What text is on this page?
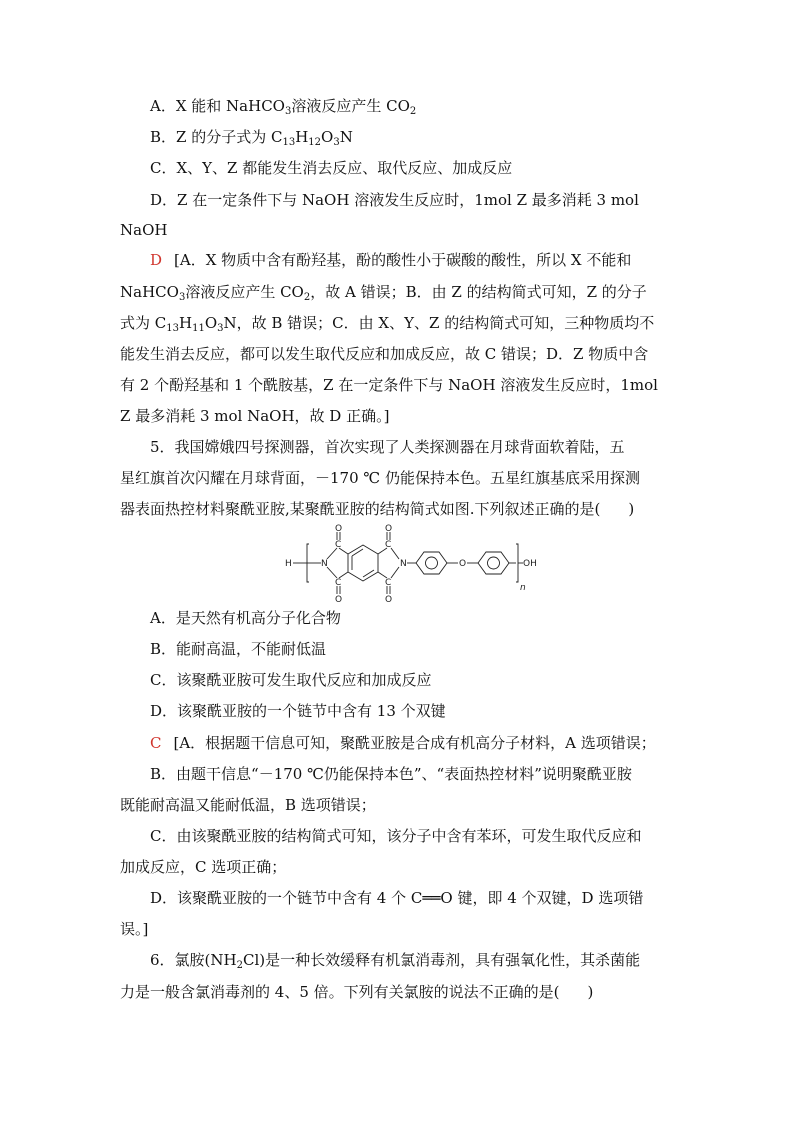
A．X 能和 NaHCO$_3$溶液反应产生 $CO_2$
B．Z 的分子式为 $C_{13}H_{12}O_3N$
C．X、Y、Z 都能发生消去反应、取代反应、加成反应
D．Z 在一定条件下与 NaOH 溶液发生反应时，1mol Z 最多消耗 3 mol
NaOH
D [A．X 物质中含有酚羟基，酚的酸性小于碳酸的酸性，所以 X 不能和
NaHCO$_3$溶液反应产生 $CO_2$，故 A 错误；B．由 Z 的结构简式可知，Z 的分子
式为 $C_{13}H_{11}O_3N$，故 B 错误；C．由 X、Y、Z 的结构简式可知，三种物质均不
能发生消去反应，都可以发生取代反应和加成反应，故 C 错误；D．Z 物质中含
有 2 个酚羟基和 1 个酰胺基，Z 在一定条件下与 NaOH 溶液发生反应时，1mol
Z 最多消耗 3 mol NaOH，故 D 正确。]
5．我国嫦娥四号探测器，首次实现了人类探测器在月球背面软着陆，五
星红旗首次闪耀在月球背面，－170 ℃ 仍能保持本色。五星红旗基底采用探测
器表面热控材料聚酰亚胺,某聚酰亚胺的结构简式如图.下列叙述正确的是( )
H	N
C
C
O
O
C
C
O
O
N	O	OH
n
A．是天然有机高分子化合物
B．能耐高温，不能耐低温
C．该聚酰亚胺可发生取代反应和加成反应
D．该聚酰亚胺的一个链节中含有 13 个双键
C [A．根据题干信息可知，聚酰亚胺是合成有机高分子材料，A 选项错误；
B．由题干信息“－170 ℃仍能保持本色”、“表面热控材料”说明聚酰亚胺
既能耐高温又能耐低温，B 选项错误；
C．由该聚酰亚胺的结构简式可知，该分子中含有苯环，可发生取代反应和
加成反应，C 选项正确；
D．该聚酰亚胺的一个链节中含有 4 个 C══O 键，即 4 个双键，D 选项错
误。]
6．氯胺$(NH_2Cl)$是一种长效缓释有机氯消毒剂，具有强氧化性，其杀菌能
力是一般含氯消毒剂的 4、5 倍。下列有关氯胺的说法不正确的是( )
